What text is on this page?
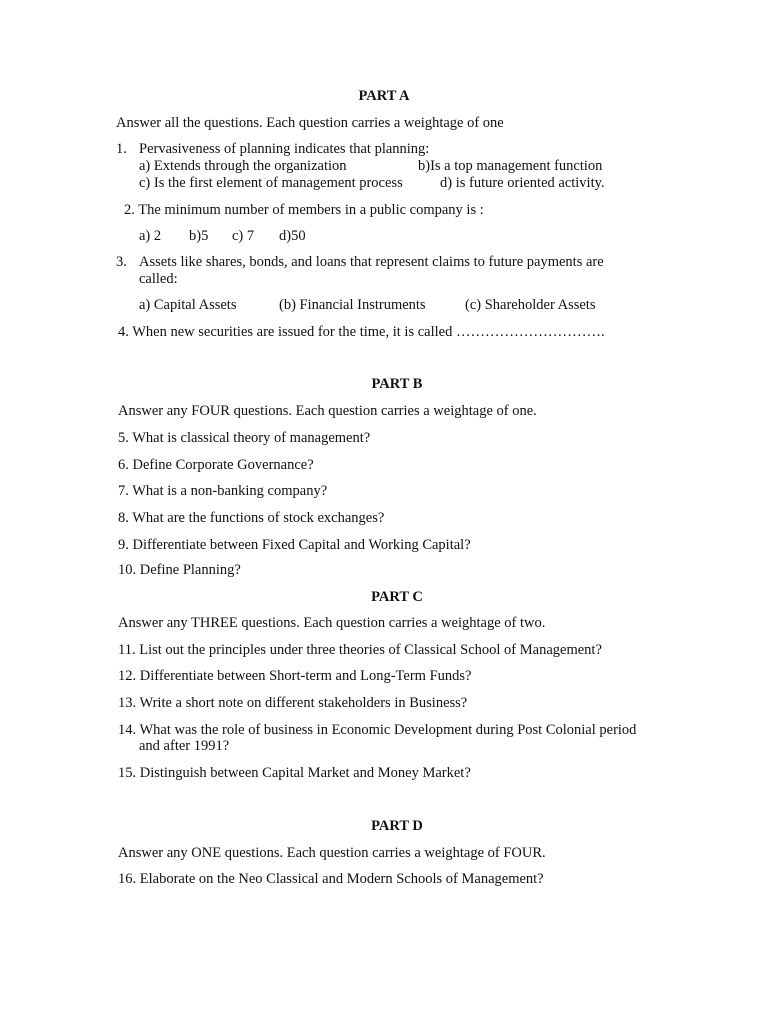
PART A
Answer all the questions. Each question carries a weightage of one
1. Pervasiveness of planning indicates that planning:
a) Extends through the organization	b)Is a top management function
c) Is the first element of management process	d) is future oriented activity.
2. The minimum number of members in a public company is :
a) 2 b)5 c) 7 d)50
3. Assets like shares, bonds, and loans that represent claims to future payments are
called:
a) Capital Assets	(b) Financial Instruments	(c) Shareholder Assets
4. When new securities are issued for the time, it is called ………………………….
PART B
Answer any FOUR questions. Each question carries a weightage of one.
5. What is classical theory of management?
6. Define Corporate Governance?
7. What is a non-banking company?
8. What are the functions of stock exchanges?
9. Differentiate between Fixed Capital and Working Capital?
10. Define Planning?
PART C
Answer any THREE questions. Each question carries a weightage of two.
11. List out the principles under three theories of Classical School of Management?
12. Differentiate between Short-term and Long-Term Funds?
13. Write a short note on different stakeholders in Business?
14. What was the role of business in Economic Development during Post Colonial period
and after 1991?
15. Distinguish between Capital Market and Money Market?
PART D
Answer any ONE questions. Each question carries a weightage of FOUR.
16. Elaborate on the Neo Classical and Modern Schools of Management?
